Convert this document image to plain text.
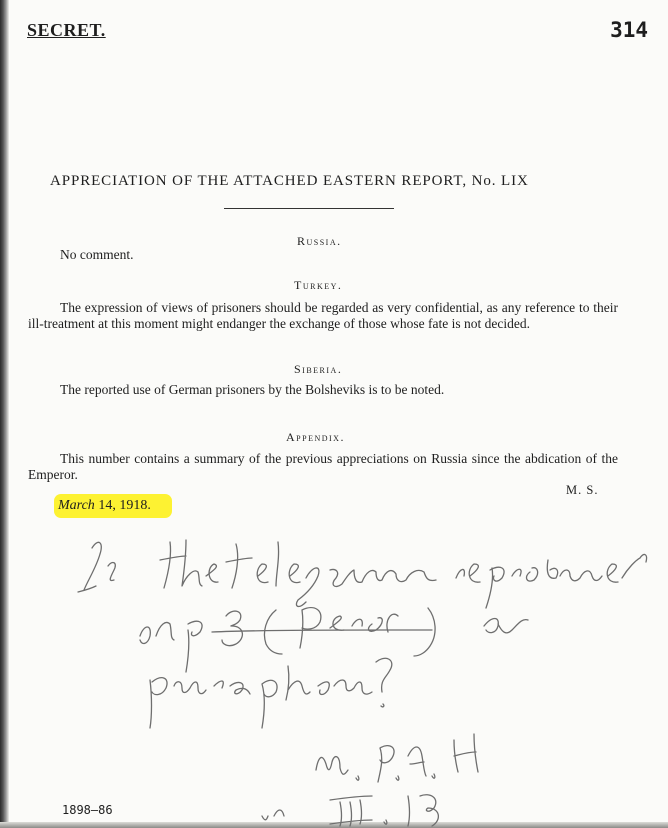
SECRET.	314
APPRECIATION OF THE ATTACHED EASTERN REPORT, No. LIX
Russia.
No comment.
Turkey.
The expression of views of prisoners should be regarded as very confidential, as any reference to their ill-treatment at this moment might endanger the exchange of those whose fate is not decided.
Siberia.
The reported use of German prisoners by the Bolsheviks is to be noted.
Appendix.
This number contains a summary of the previous appreciations on Russia since the abdication of the Emperor.
M. S.
March 14, 1918.
1898—86
